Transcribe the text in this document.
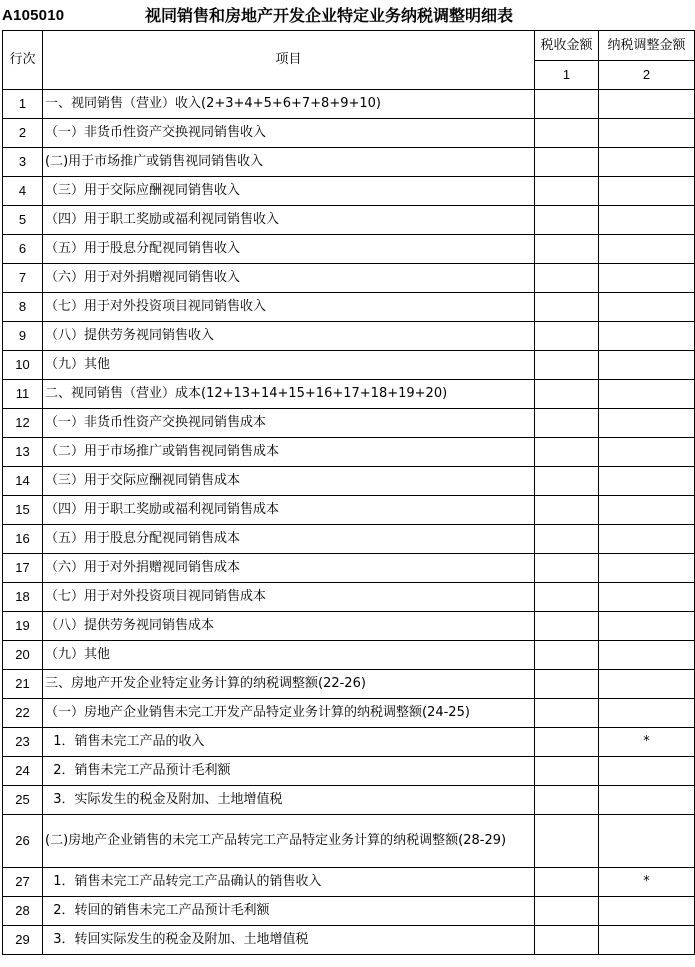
A105010	视同销售和房地产开发企业特定业务纳税调整明细表
行次	项目	税收金额	纳税调整金额
		1	2
1	一、视同销售（营业）收入(2+3+4+5+6+7+8+9+10)		
2	（一）非货币性资产交换视同销售收入		
3	(二)用于市场推广或销售视同销售收入		
4	（三）用于交际应酬视同销售收入		
5	（四）用于职工奖励或福利视同销售收入		
6	（五）用于股息分配视同销售收入		
7	（六）用于对外捐赠视同销售收入		
8	（七）用于对外投资项目视同销售收入		
9	（八）提供劳务视同销售收入		
10	（九）其他		
11	二、视同销售（营业）成本(12+13+14+15+16+17+18+19+20)		
12	（一）非货币性资产交换视同销售成本		
13	（二）用于市场推广或销售视同销售成本		
14	（三）用于交际应酬视同销售成本		
15	（四）用于职工奖励或福利视同销售成本		
16	（五）用于股息分配视同销售成本		
17	（六）用于对外捐赠视同销售成本		
18	（七）用于对外投资项目视同销售成本		
19	（八）提供劳务视同销售成本		
20	（九）其他		
21	三、房地产开发企业特定业务计算的纳税调整额(22-26)		
22	（一）房地产企业销售未完工开发产品特定业务计算的纳税调整额(24-25)		
23	1．销售未完工产品的收入		*
24	2．销售未完工产品预计毛利额		
25	3．实际发生的税金及附加、土地增值税		
26	(二)房地产企业销售的未完工产品转完工产品特定业务计算的纳税调整额(28-29)		
27	1．销售未完工产品转完工产品确认的销售收入		*
28	2．转回的销售未完工产品预计毛利额		
29	3．转回实际发生的税金及附加、土地增值税		
